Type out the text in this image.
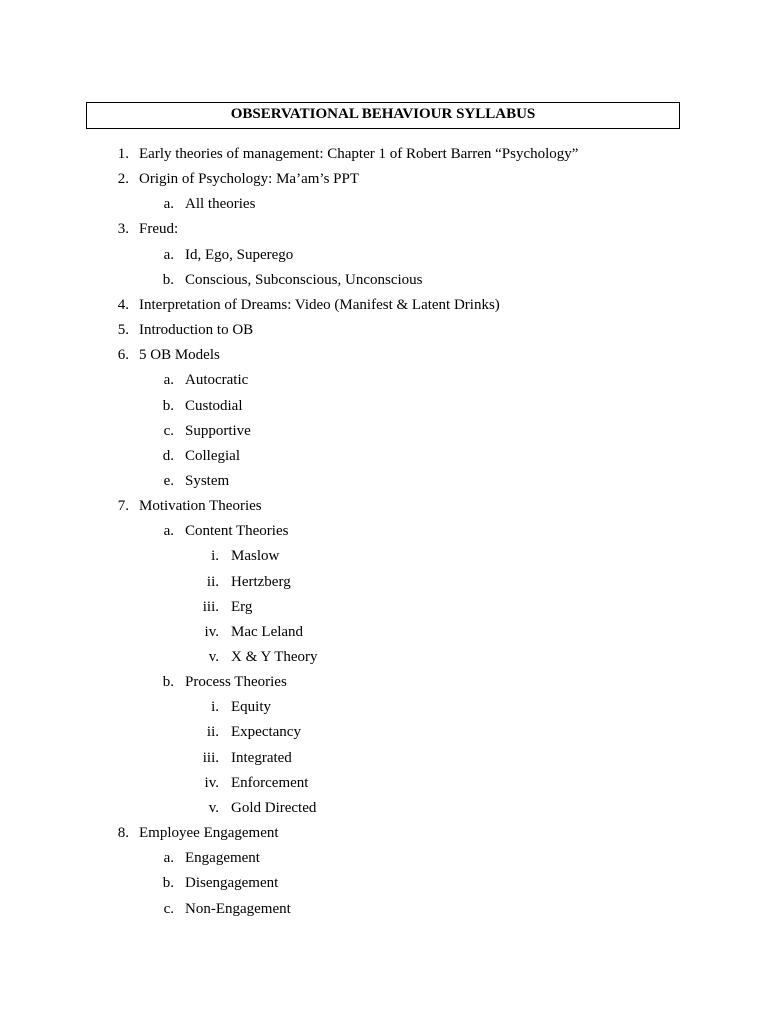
OBSERVATIONAL BEHAVIOUR SYLLABUS
1. Early theories of management: Chapter 1 of Robert Barren “Psychology”
2. Origin of Psychology: Ma’am’s PPT
a. All theories
3. Freud:
a. Id, Ego, Superego
b. Conscious, Subconscious, Unconscious
4. Interpretation of Dreams: Video (Manifest & Latent Drinks)
5. Introduction to OB
6. 5 OB Models
a. Autocratic
b. Custodial
c. Supportive
d. Collegial
e. System
7. Motivation Theories
a. Content Theories
i. Maslow
ii. Hertzberg
iii. Erg
iv. Mac Leland
v. X & Y Theory
b. Process Theories
i. Equity
ii. Expectancy
iii. Integrated
iv. Enforcement
v. Gold Directed
8. Employee Engagement
a. Engagement
b. Disengagement
c. Non-Engagement
